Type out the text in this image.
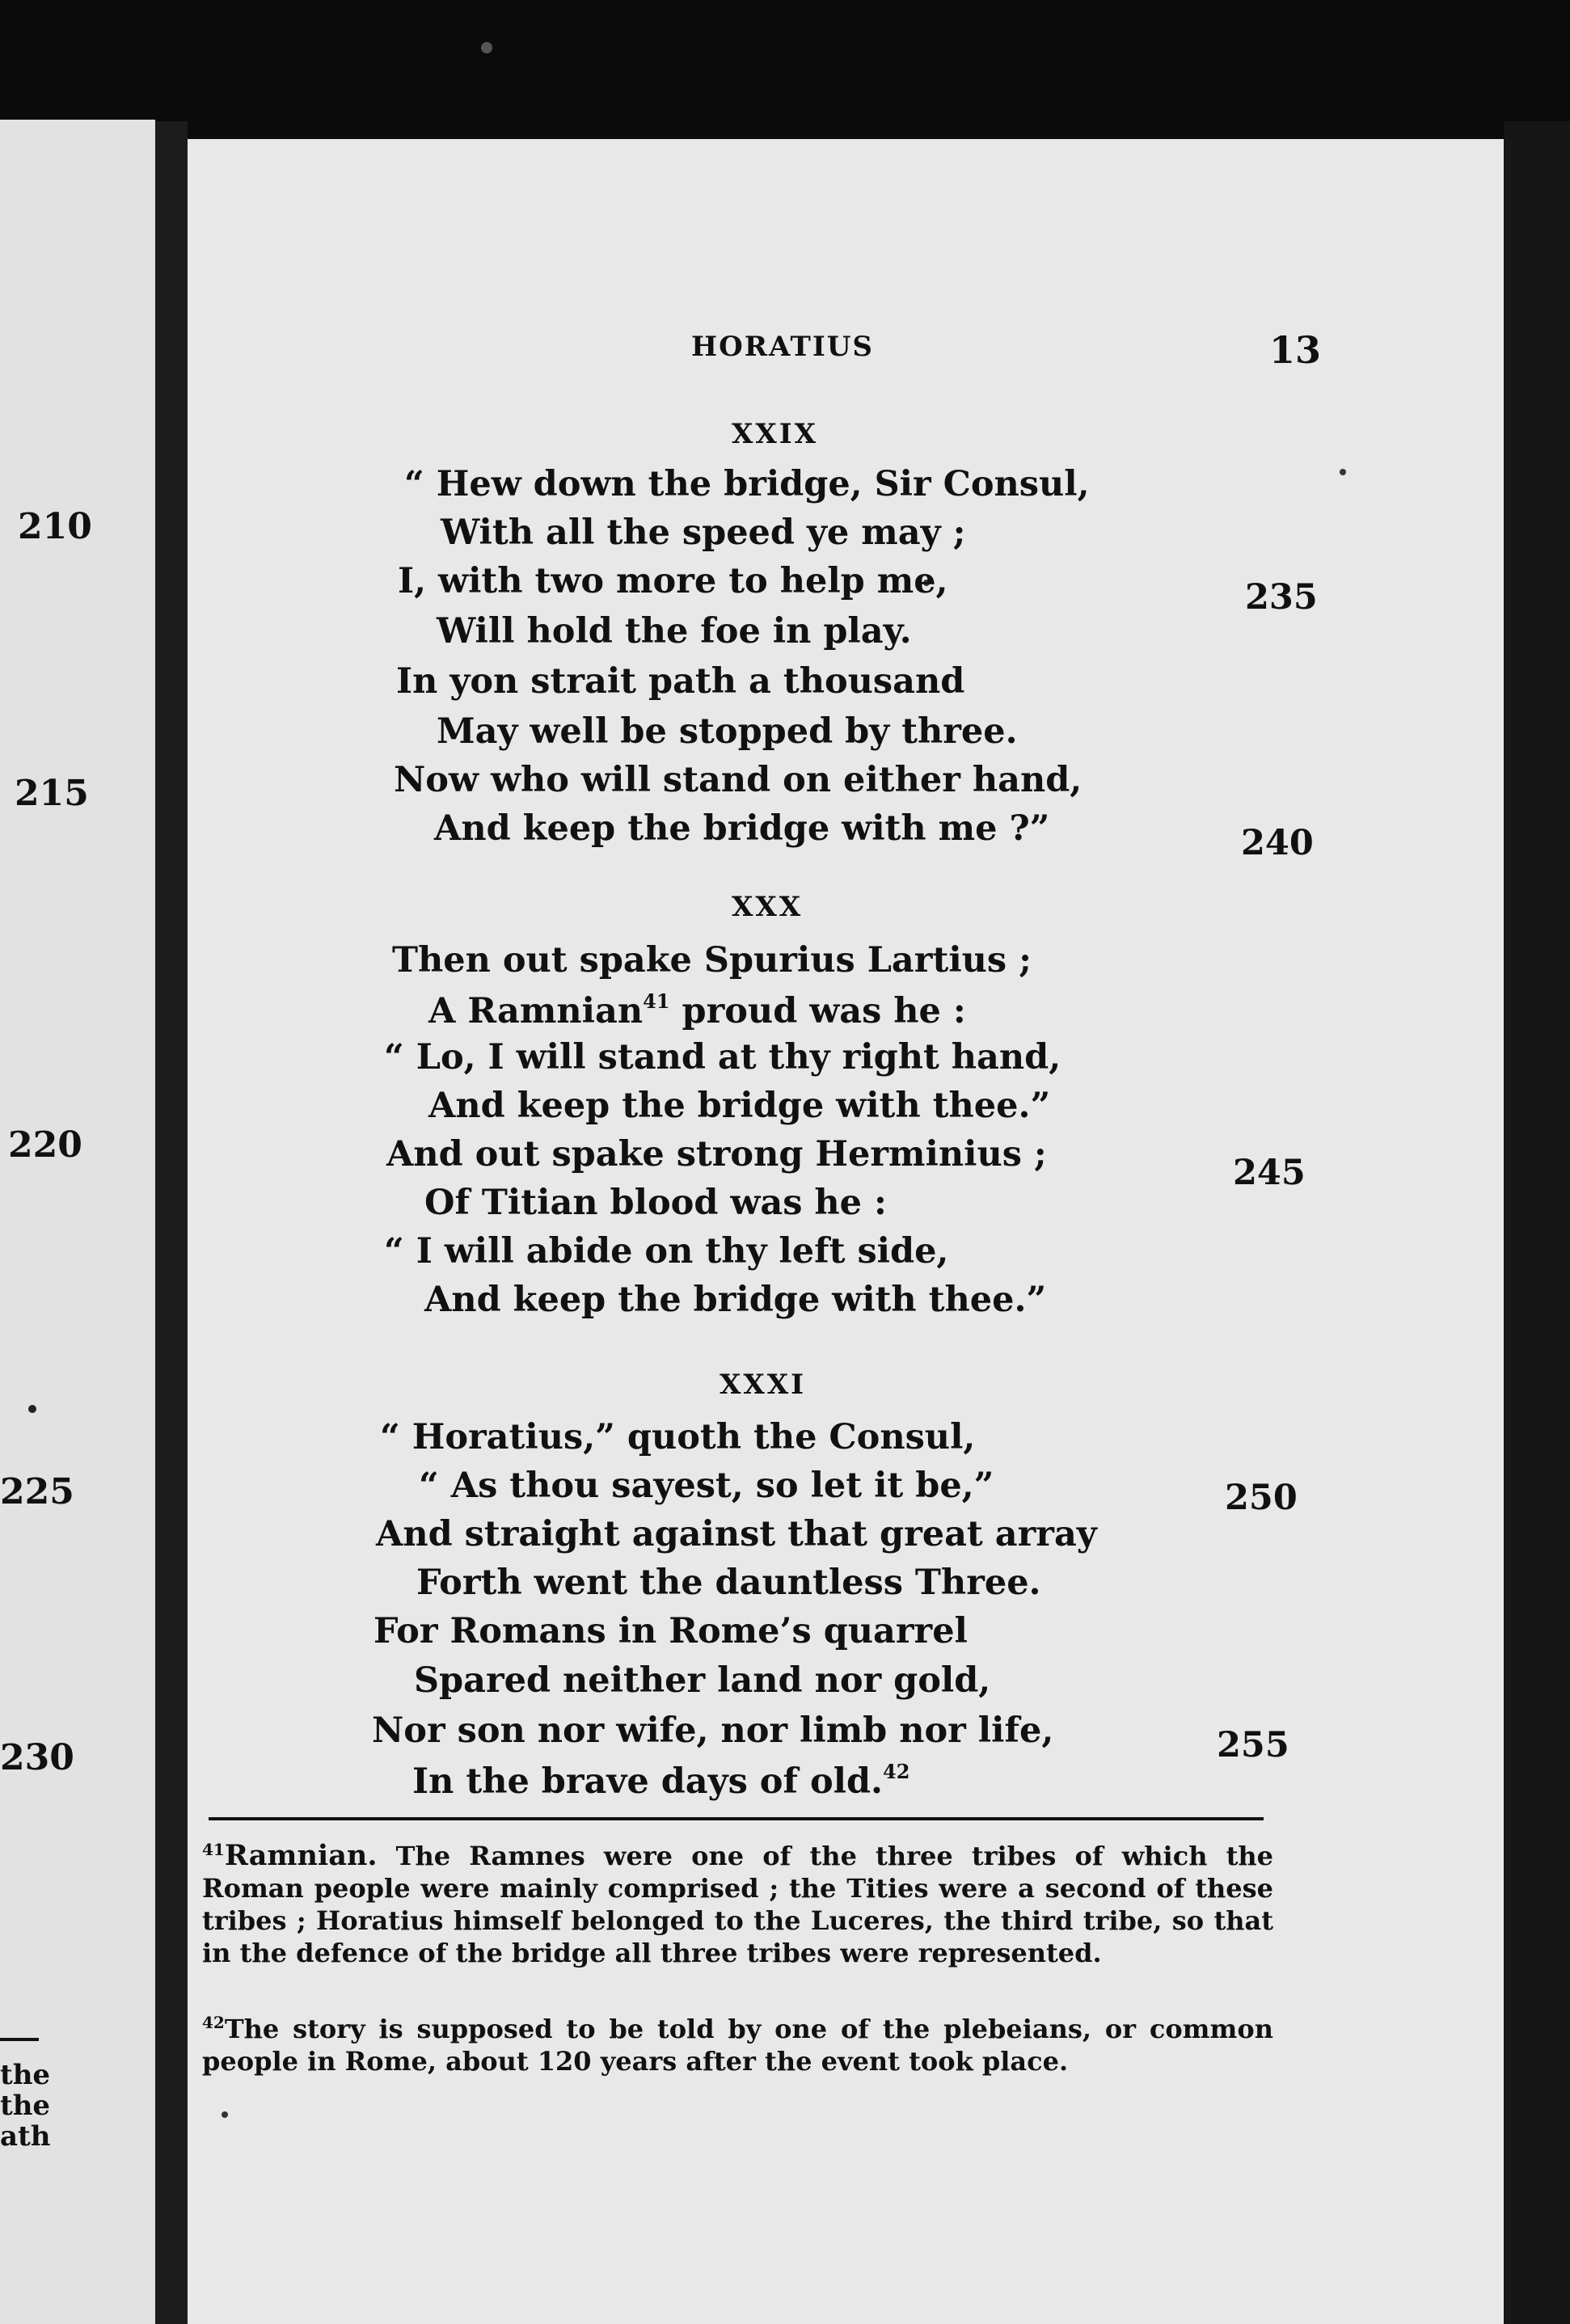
210
215
220
225
230
the
the
ath
HORATIUS	13
XXIX
“ Hew down the bridge, Sir Consul,
With all the speed ye may ;
I, with two more to help me,
Will hold the foe in play.
In yon strait path a thousand
May well be stopped by three.
Now who will stand on either hand,
And keep the bridge with me ?”
XXX
Then out spake Spurius Lartius ;
A Ramnian$^{41}$ proud was he :
“ Lo, I will stand at thy right hand,
And keep the bridge with thee.”
And out spake strong Herminius ;
Of Titian blood was he :
“ I will abide on thy left side,
And keep the bridge with thee.”
XXXI
“ Horatius,” quoth the Consul,
“ As thou sayest, so let it be,”
And straight against that great array
Forth went the dauntless Three.
For Romans in Rome’s quarrel
Spared neither land nor gold,
Nor son nor wife, nor limb nor life,
In the brave days of old.$^{42}$
235
240
245
250
255
$^{41}$Ramnian. The Ramnes were one of the three tribes of which the Roman people were mainly comprised ; the Tities were a second of these tribes ; Horatius himself belonged to the Luceres, the third tribe, so that in the defence of the bridge all three tribes were represented.
$^{42}$The story is supposed to be told by one of the plebeians, or common people in Rome, about 120 years after the event took place.
